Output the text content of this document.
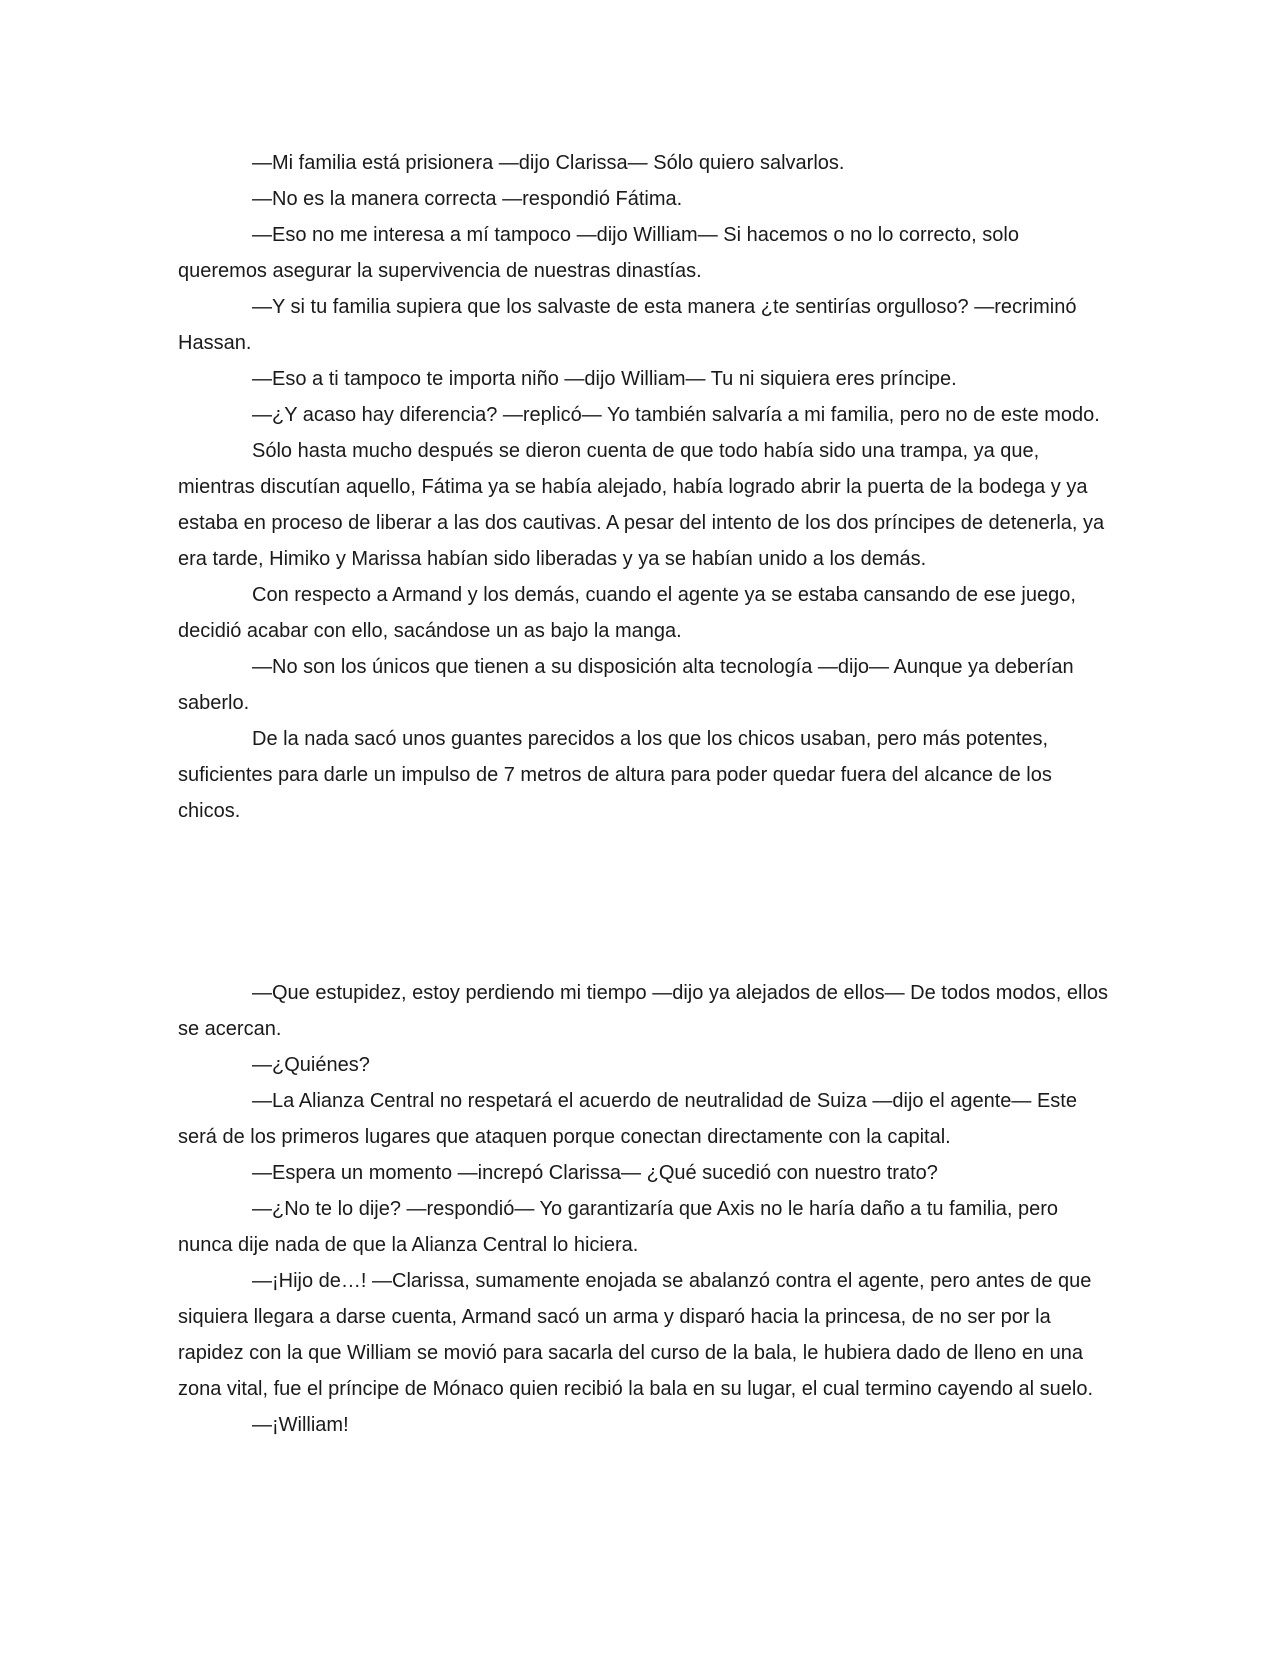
—Mi familia está prisionera —dijo Clarissa— Sólo quiero salvarlos.

—No es la manera correcta —respondió Fátima.

—Eso no me interesa a mí tampoco —dijo William— Si hacemos o no lo correcto, solo queremos asegurar la supervivencia de nuestras dinastías.

—Y si tu familia supiera que los salvaste de esta manera ¿te sentirías orgulloso? —recriminó Hassan.

—Eso a ti tampoco te importa niño —dijo William— Tu ni siquiera eres príncipe.

—¿Y acaso hay diferencia? —replicó— Yo también salvaría a mi familia, pero no de este modo.

Sólo hasta mucho después se dieron cuenta de que todo había sido una trampa, ya que, mientras discutían aquello, Fátima ya se había alejado, había logrado abrir la puerta de la bodega y ya estaba en proceso de liberar a las dos cautivas. A pesar del intento de los dos príncipes de detenerla, ya era tarde, Himiko y Marissa habían sido liberadas y ya se habían unido a los demás.

Con respecto a Armand y los demás, cuando el agente ya se estaba cansando de ese juego, decidió acabar con ello, sacándose un as bajo la manga.

—No son los únicos que tienen a su disposición alta tecnología —dijo— Aunque ya deberían saberlo.

De la nada sacó unos guantes parecidos a los que los chicos usaban, pero más potentes, suficientes para darle un impulso de 7 metros de altura para poder quedar fuera del alcance de los chicos.

—Que estupidez, estoy perdiendo mi tiempo —dijo ya alejados de ellos— De todos modos, ellos se acercan.

—¿Quiénes?

—La Alianza Central no respetará el acuerdo de neutralidad de Suiza —dijo el agente— Este será de los primeros lugares que ataquen porque conectan directamente con la capital.

—Espera un momento —increpó Clarissa— ¿Qué sucedió con nuestro trato?

—¿No te lo dije? —respondió— Yo garantizaría que Axis no le haría daño a tu familia, pero nunca dije nada de que la Alianza Central lo hiciera.

—¡Hijo de…! —Clarissa, sumamente enojada se abalanzó contra el agente, pero antes de que siquiera llegara a darse cuenta, Armand sacó un arma y disparó hacia la princesa, de no ser por la rapidez con la que William se movió para sacarla del curso de la bala, le hubiera dado de lleno en una zona vital, fue el príncipe de Mónaco quien recibió la bala en su lugar, el cual termino cayendo al suelo.

—¡William!
